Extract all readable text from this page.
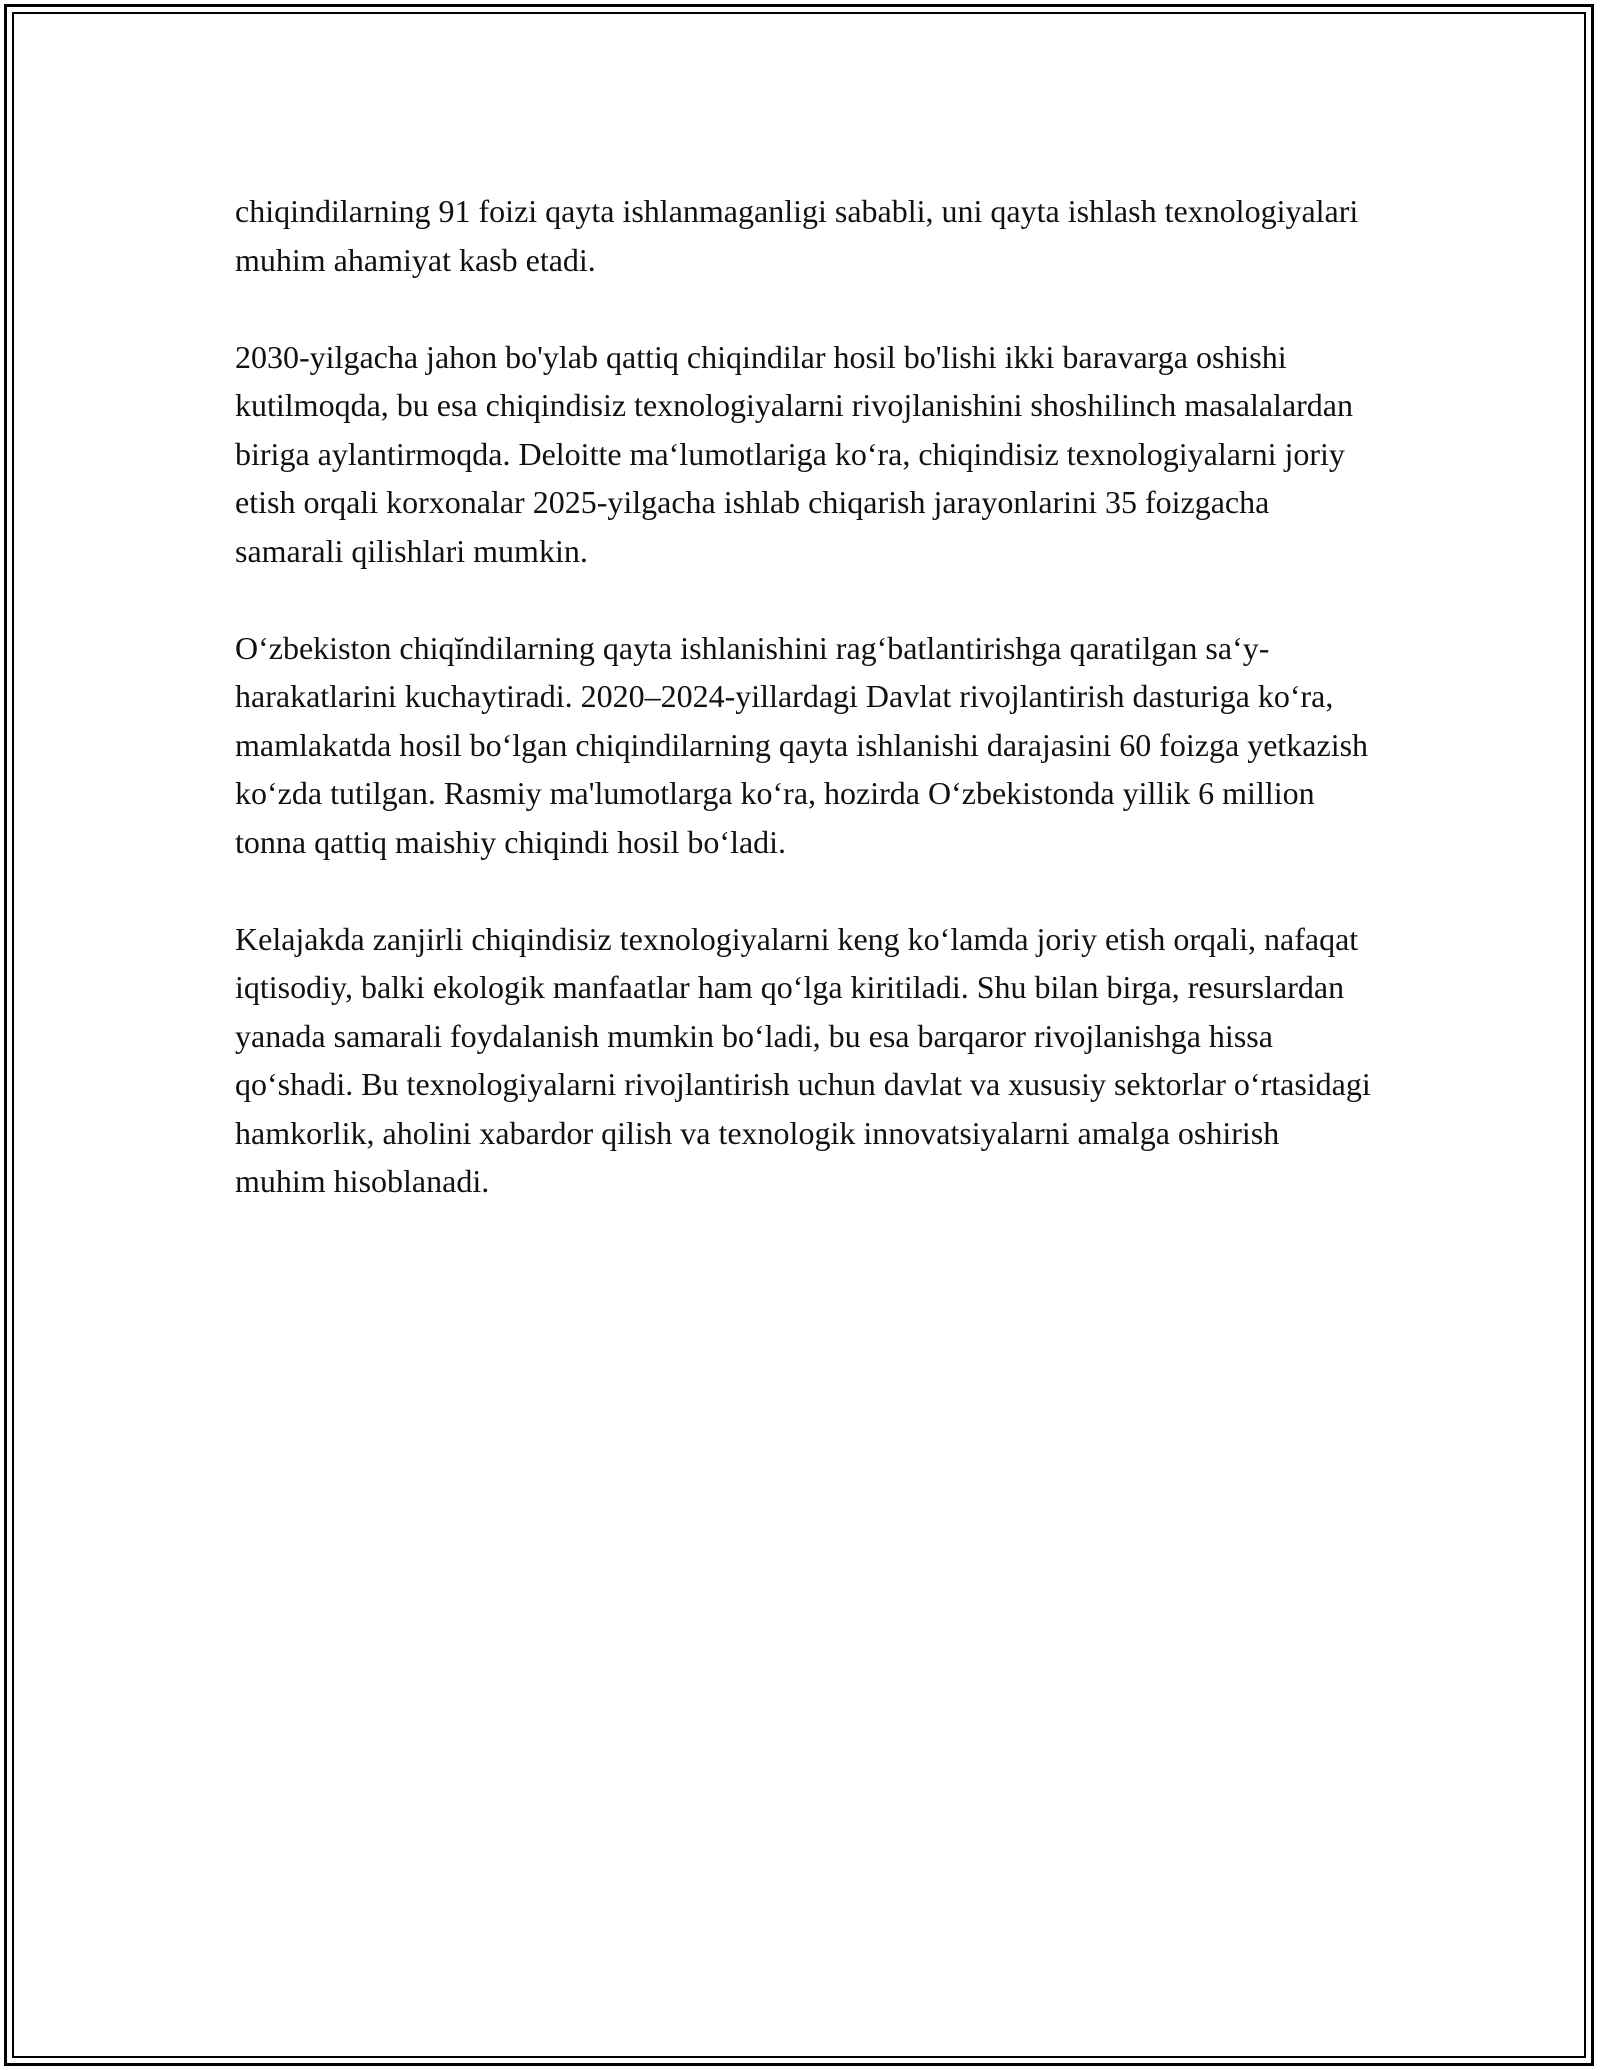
chiqindilarning 91 foizi qayta ishlanmaganligi sababli, uni qayta ishlash texnologiyalari muhim ahamiyat kasb etadi.

2030-yilgacha jahon bo'ylab qattiq chiqindilar hosil bo'lishi ikki baravarga oshishi kutilmoqda, bu esa chiqindisiz texnologiyalarni rivojlanishini shoshilinch masalalardan biriga aylantirmoqda. Deloitte ma‘lumotlariga ko‘ra, chiqindisiz texnologiyalarni joriy etish orqali korxonalar 2025-yilgacha ishlab chiqarish jarayonlarini 35 foizgacha samarali qilishlari mumkin.

O‘zbekiston chiqĭndilarning qayta ishlanishini rag‘batlantirishga qaratilgan sa‘y-harakatlarini kuchaytiradi. 2020–2024-yillardagi Davlat rivojlantirish dasturiga ko‘ra, mamlakatda hosil bo‘lgan chiqindilarning qayta ishlanishi darajasini 60 foizga yetkazish ko‘zda tutilgan. Rasmiy ma'lumotlarga ko‘ra, hozirda O‘zbekistonda yillik 6 million tonna qattiq maishiy chiqindi hosil bo‘ladi.

Kelajakda zanjirli chiqindisiz texnologiyalarni keng ko‘lamda joriy etish orqali, nafaqat iqtisodiy, balki ekologik manfaatlar ham qo‘lga kiritiladi. Shu bilan birga, resurslardan yanada samarali foydalanish mumkin bo‘ladi, bu esa barqaror rivojlanishga hissa qo‘shadi. Bu texnologiyalarni rivojlantirish uchun davlat va xususiy sektorlar o‘rtasidagi hamkorlik, aholini xabardor qilish va texnologik innovatsiyalarni amalga oshirish muhim hisoblanadi.
